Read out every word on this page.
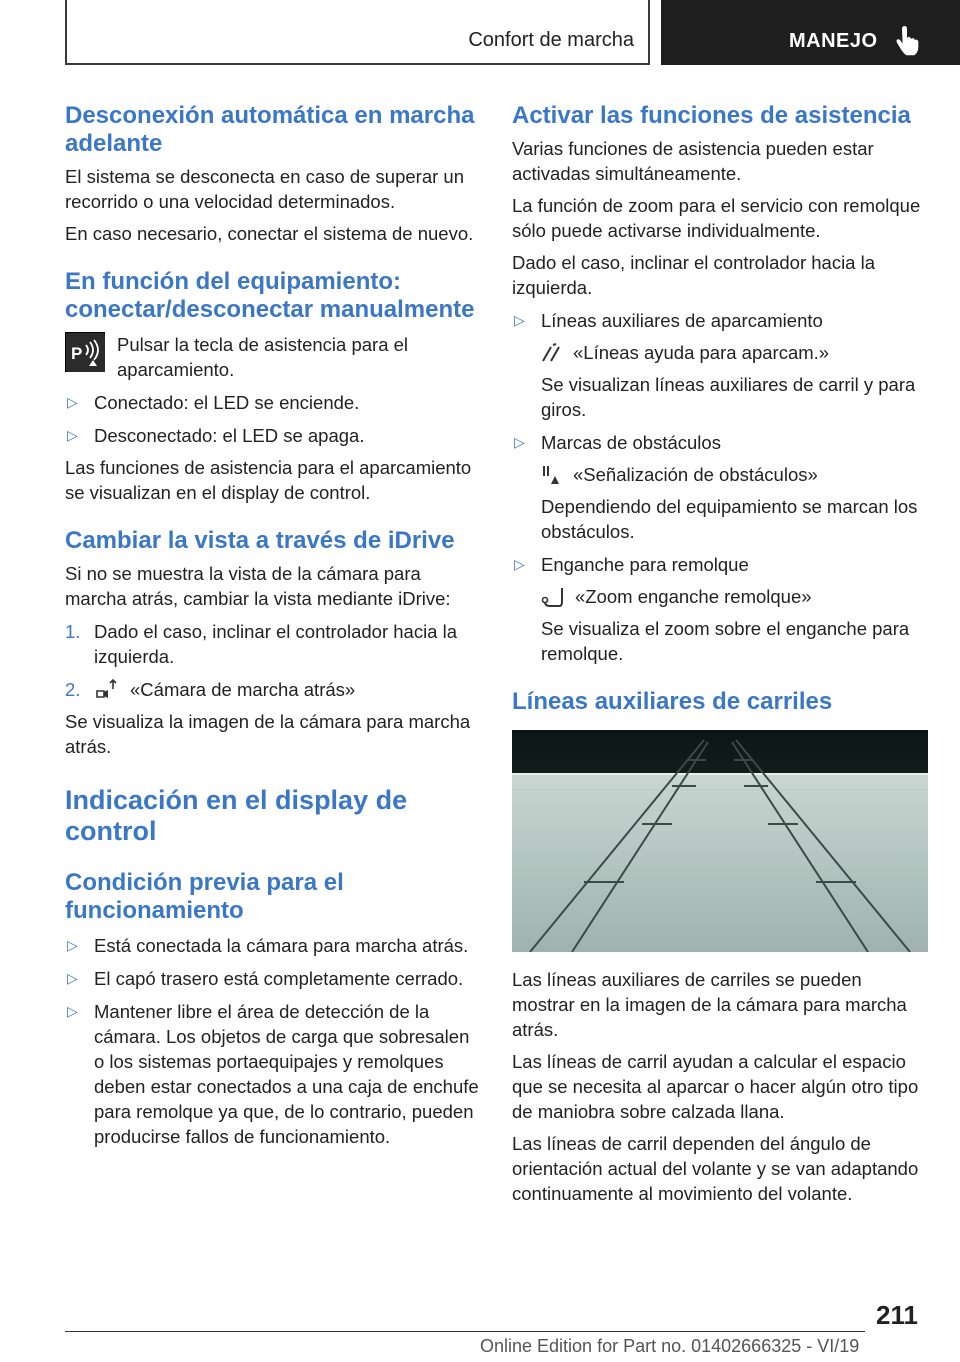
Confort de marcha	MANEJO
Desconexión automática en marcha adelante

El sistema se desconecta en caso de superar un recorrido o una velocidad determinados.

En caso necesario, conectar el sistema de nuevo.

En función del equipamiento: conectar/desconectar manualmente
P Pulsar la tecla de asistencia para el aparcamiento.

▷ Conectado: el LED se enciende.
▷ Desconectado: el LED se apaga.

Las funciones de asistencia para el aparcamiento se visualizan en el display de control.

Cambiar la vista a través de iDrive

Si no se muestra la vista de la cámara para marcha atrás, cambiar la vista mediante iDrive:

1. Dado el caso, inclinar el controlador hacia la izquierda.
2.	«Cámara de marcha atrás»

Se visualiza la imagen de la cámara para marcha atrás.

Indicación en el display de control
Condición previa para el funcionamiento
▷ Está conectada la cámara para marcha atrás.
▷ El capó trasero está completamente cerrado.
▷ Mantener libre el área de detección de la cámara. Los objetos de carga que sobresalen o los sistemas portaequipajes y remolques deben estar conectados a una caja de enchufe para remolque ya que, de lo contrario, pueden producirse fallos de funcionamiento.
Activar las funciones de asistencia

Varias funciones de asistencia pueden estar activadas simultáneamente.

La función de zoom para el servicio con remolque sólo puede activarse individualmente.

Dado el caso, inclinar el controlador hacia la izquierda.

▷ Líneas auxiliares de aparcamiento
«Líneas ayuda para aparcam.»
Se visualizan líneas auxiliares de carril y para giros.
▷ Marcas de obstáculos
«Señalización de obstáculos»
Dependiendo del equipamiento se marcan los obstáculos.
▷ Enganche para remolque
«Zoom enganche remolque»
Se visualiza el zoom sobre el enganche para remolque.
Líneas auxiliares de carriles

Las líneas auxiliares de carriles se pueden mostrar en la imagen de la cámara para marcha atrás.

Las líneas de carril ayudan a calcular el espacio que se necesita al aparcar o hacer algún otro tipo de maniobra sobre calzada llana.

Las líneas de carril dependen del ángulo de orientación actual del volante y se van adaptando continuamente al movimiento del volante.

211
Online Edition for Part no. 01402666325 - VI/19
